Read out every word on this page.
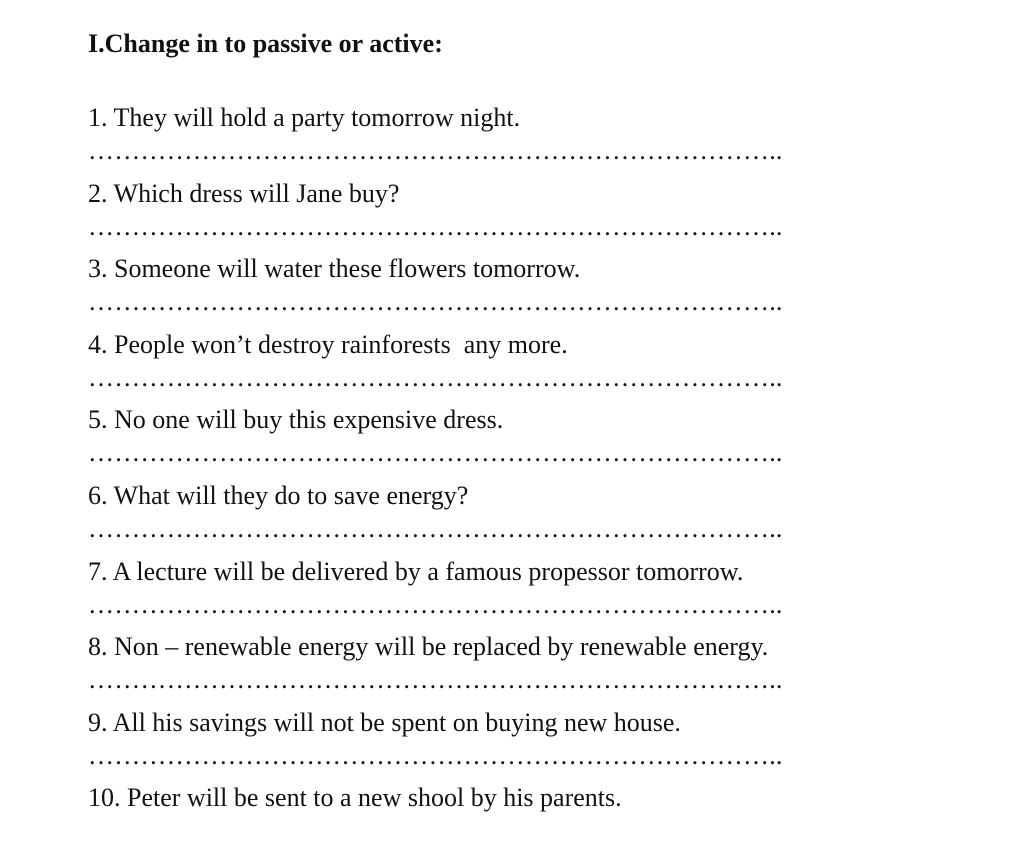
I.Change in to passive or active:
1. They will hold a party tomorrow night.
……………………………………………………………………..
2. Which dress will Jane buy?
……………………………………………………………………..
3. Someone will water these flowers tomorrow.
……………………………………………………………………..
4. People won’t destroy rainforests  any more.
……………………………………………………………………..
5. No one will buy this expensive dress.
……………………………………………………………………..
6. What will they do to save energy?
……………………………………………………………………..
7. A lecture will be delivered by a famous propessor tomorrow.
……………………………………………………………………..
8. Non – renewable energy will be replaced by renewable energy.
……………………………………………………………………..
9. All his savings will not be spent on buying new house.
……………………………………………………………………..
10. Peter will be sent to a new shool by his parents.
